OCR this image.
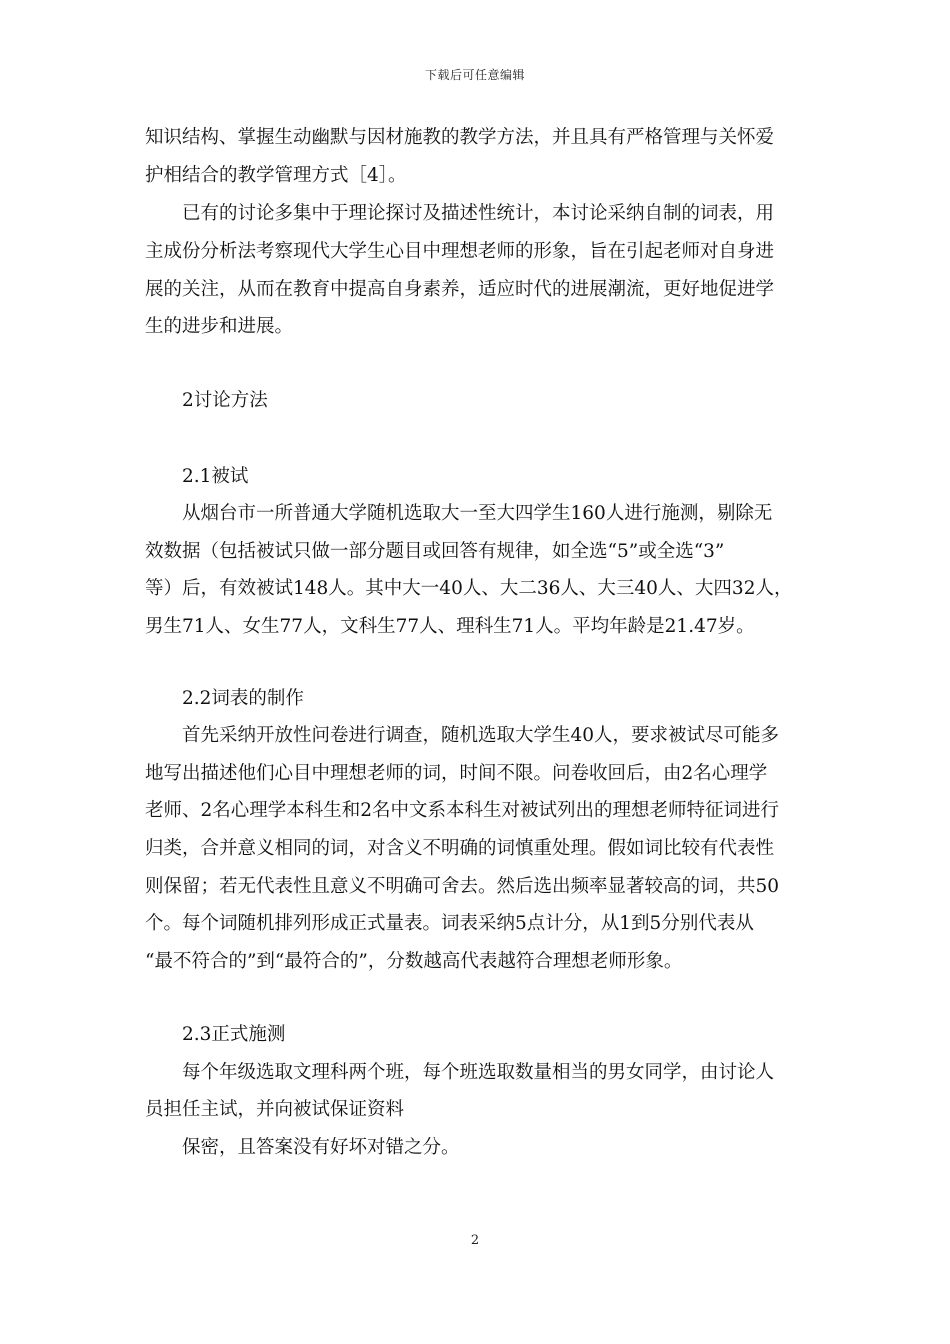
下载后可任意编辑
知识结构、掌握生动幽默与因材施教的教学方法，并且具有严格管理与关怀爱
护相结合的教学管理方式［4］。
已有的讨论多集中于理论探讨及描述性统计，本讨论采纳自制的词表，用
主成份分析法考察现代大学生心目中理想老师的形象，旨在引起老师对自身进
展的关注，从而在教育中提高自身素养，适应时代的进展潮流，更好地促进学
生的进步和进展。
2讨论方法
2.1被试
从烟台市一所普通大学随机选取大一至大四学生160人进行施测，剔除无
效数据（包括被试只做一部分题目或回答有规律，如全选“5”或全选“3”
等）后，有效被试148人。其中大一40人、大二36人、大三40人、大四32人，
男生71人、女生77人，文科生77人、理科生71人。平均年龄是21.47岁。
2.2词表的制作
首先采纳开放性问卷进行调查，随机选取大学生40人，要求被试尽可能多
地写出描述他们心目中理想老师的词，时间不限。问卷收回后，由2名心理学
老师、2名心理学本科生和2名中文系本科生对被试列出的理想老师特征词进行
归类，合并意义相同的词，对含义不明确的词慎重处理。假如词比较有代表性
则保留；若无代表性且意义不明确可舍去。然后选出频率显著较高的词，共50
个。每个词随机排列形成正式量表。词表采纳5点计分，从1到5分别代表从
“最不符合的”到“最符合的”，分数越高代表越符合理想老师形象。
2.3正式施测
每个年级选取文理科两个班，每个班选取数量相当的男女同学，由讨论人
员担任主试，并向被试保证资料
保密，且答案没有好坏对错之分。
2
